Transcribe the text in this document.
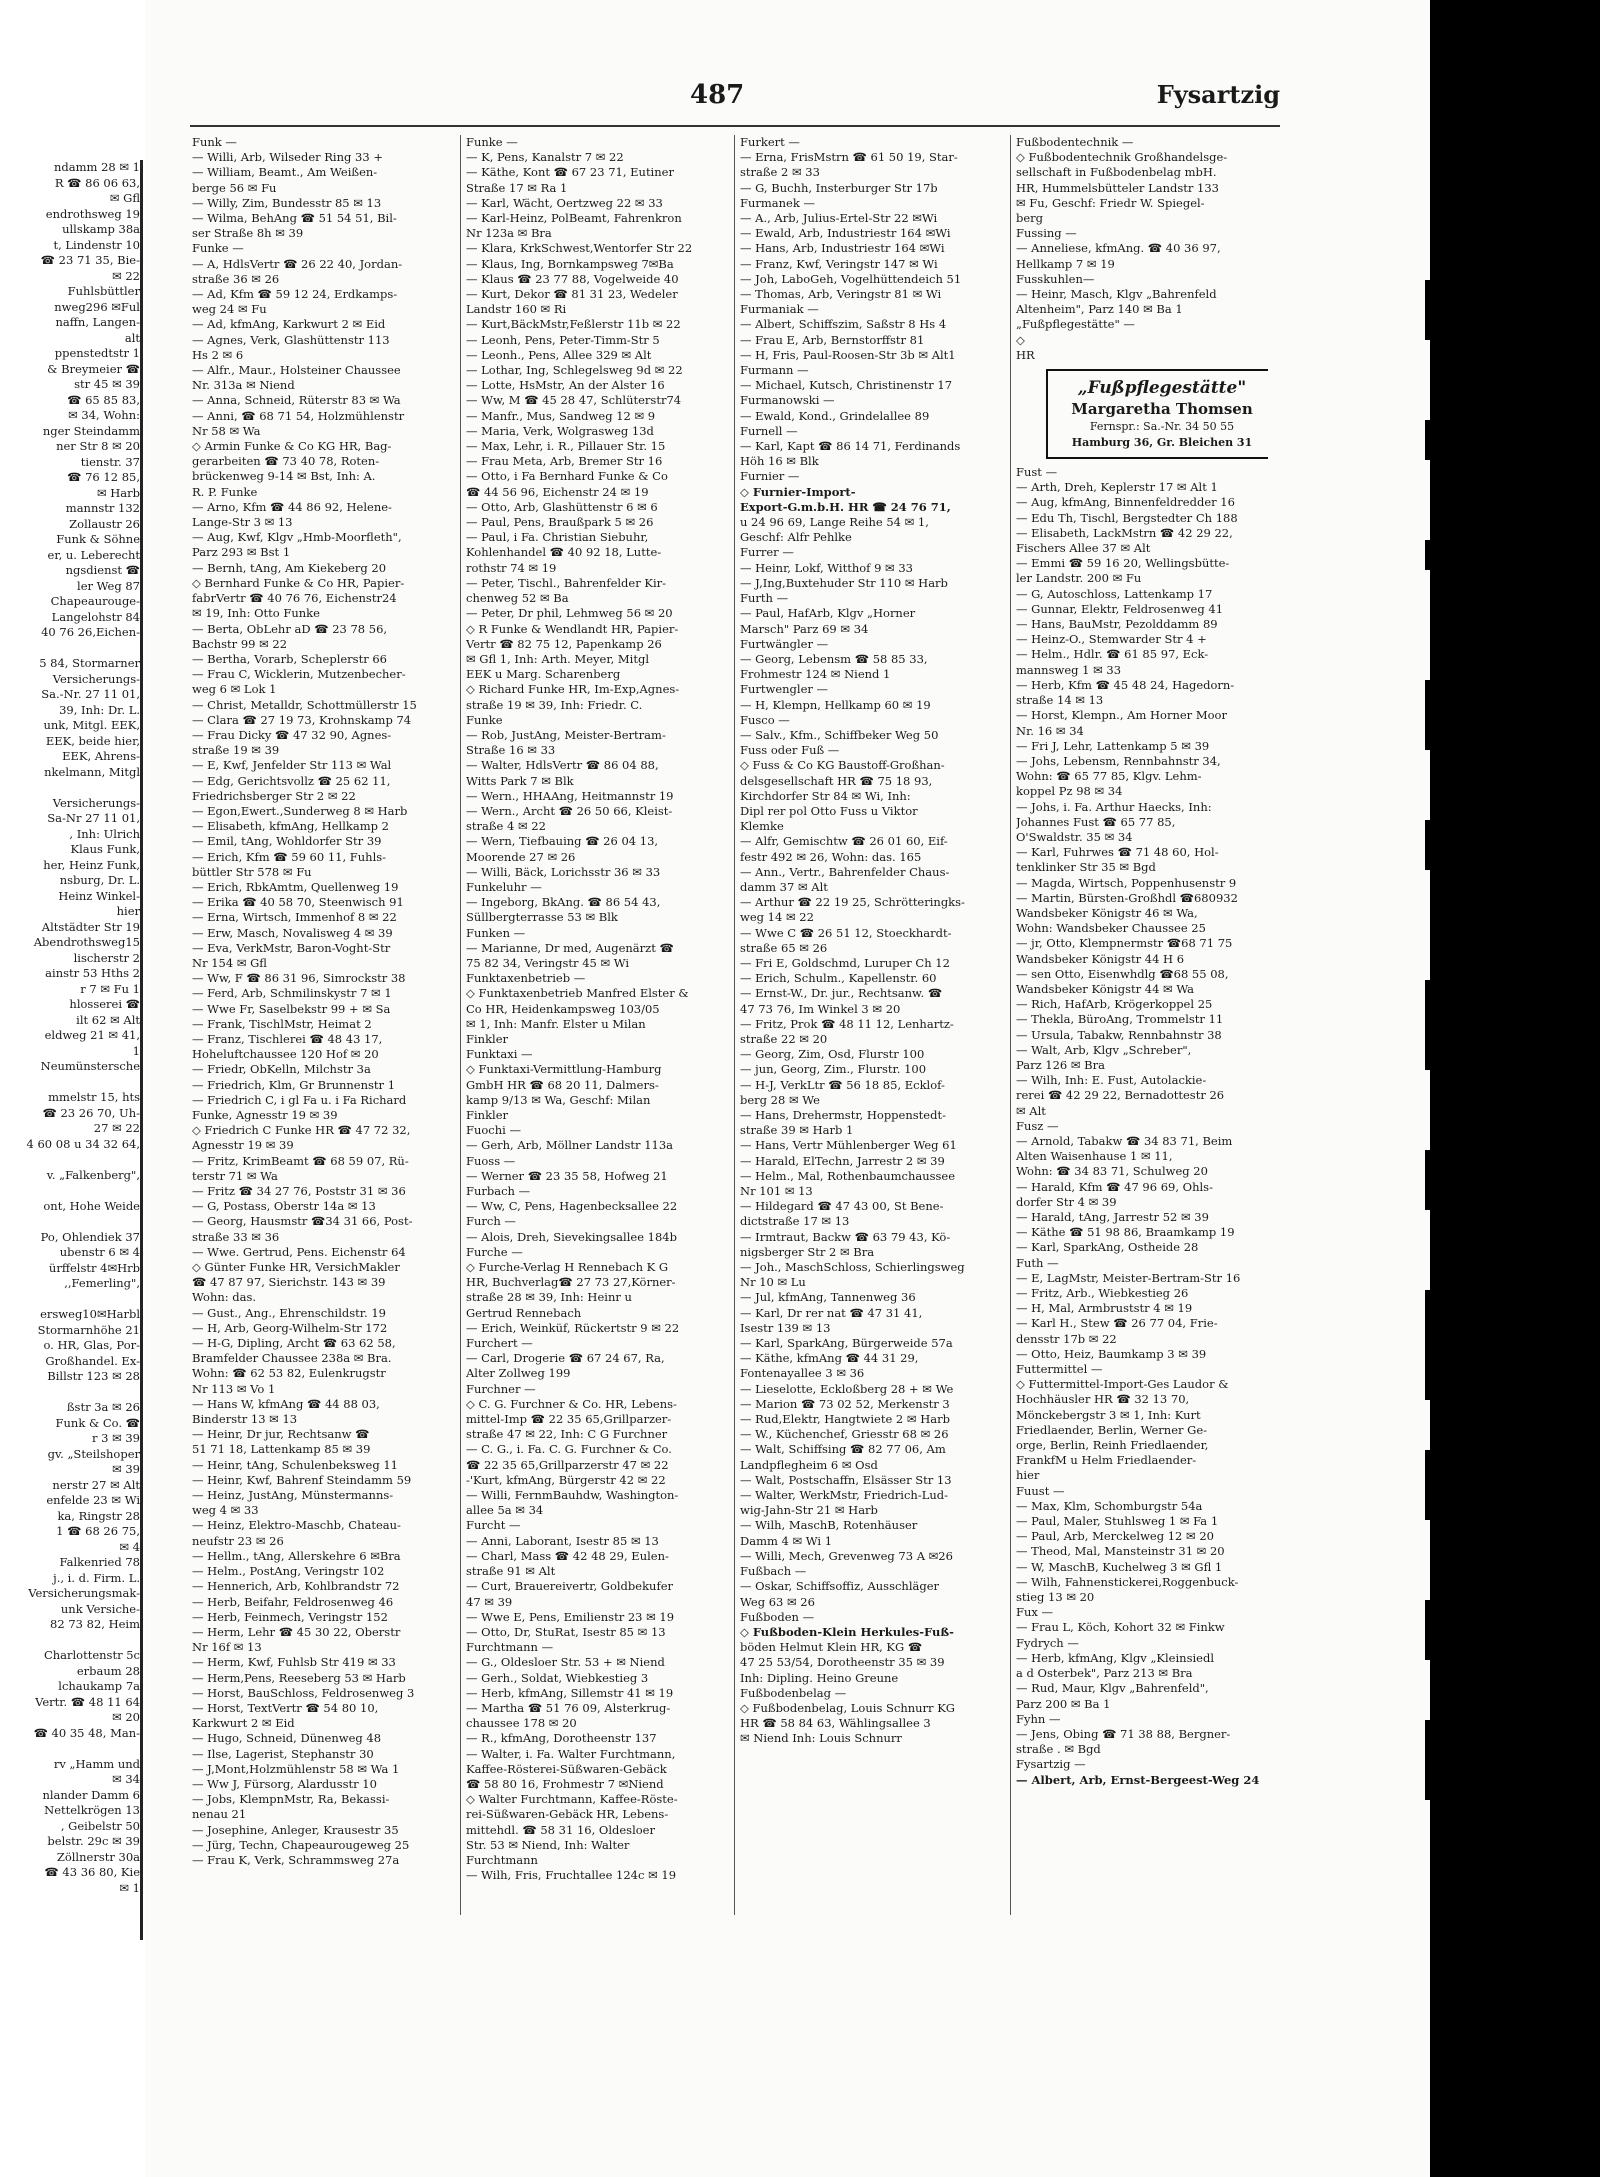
ndamm 28 ✉ 1
R ☎ 86 06 63,
✉ Gfl
endrothsweg 19
ullskamp 38a
t, Lindenstr 10
☎ 23 71 35, Bie-
✉ 22
Fuhlsbüttler
nweg296 ✉Ful
naffn, Langen-
alt
ppenstedtstr 1
& Breymeier ☎
str 45 ✉ 39
☎ 65 85 83,
✉ 34, Wohn:
nger Steindamm
ner Str 8 ✉ 20
tienstr. 37
☎ 76 12 85,
✉ Harb
mannstr 132
Zollaustr 26
Funk & Söhne
er, u. Leberecht
ngsdienst ☎
ler Weg 87
Chapeaurouge-
Langelohstr 84
40 76 26,Eichen-

5 84, Stormarner
Versicherungs-
Sa.-Nr. 27 11 01,
39, Inh: Dr. L.
unk, Mitgl. EEK,
EEK, beide hier,
EEK, Ahrens-
nkelmann, Mitgl

Versicherungs-
Sa-Nr 27 11 01,
, Inh: Ulrich
Klaus Funk,
her, Heinz Funk,
nsburg, Dr. L.
Heinz Winkel-
hier
Altstädter Str 19
Abendrothsweg15
lischerstr 2
ainstr 53 Hths 2
r 7 ✉ Fu 1
hlosserei ☎
ilt 62 ✉ Alt
eldweg 21 ✉ 41,
1
Neumünstersche

mmelstr 15, hts
☎ 23 26 70, Uh-
27 ✉ 22
4 60 08 u 34 32 64,

v. „Falkenberg",

ont, Hohe Weide

Po, Ohlendiek 37
ubenstr 6 ✉ 4
ürffelstr 4✉Hrb
,,Femerling",

ersweg10✉Harbl
Stormarnhöhe 21
o. HR, Glas, Por-
Großhandel. Ex-
Billstr 123 ✉ 28

ßstr 3a ✉ 26
Funk & Co. ☎
r 3 ✉ 39
gv. „Steilshoper
✉ 39
nerstr 27 ✉ Alt
enfelde 23 ✉ Wi
ka, Ringstr 28
1 ☎ 68 26 75,
✉ 4
Falkenried 78
j., i. d. Firm. L.
Versicherungsmak-
unk Versiche-
82 73 82, Heim

Charlottenstr 5c
erbaum 28
lchaukamp 7a
Vertr. ☎ 48 11 64
✉ 20
☎ 40 35 48, Man-

rv „Hamm und
✉ 34
nlander Damm 6
Nettelkrögen 13
, Geibelstr 50
belstr. 29c ✉ 39
Zöllnerstr 30a
☎ 43 36 80, Kie
✉ 1
487	Fysartzig
Funk —
— Willi, Arb, Wilseder Ring 33 +
— William, Beamt., Am Weißen-
berge 56 ✉ Fu
— Willy, Zim, Bundesstr 85 ✉ 13
— Wilma, BehAng ☎ 51 54 51, Bil-
ser Straße 8h ✉ 39
Funke —
— A, HdlsVertr ☎ 26 22 40, Jordan-
straße 36 ✉ 26
— Ad, Kfm ☎ 59 12 24, Erdkamps-
weg 24 ✉ Fu
— Ad, kfmAng, Karkwurt 2 ✉ Eid
— Agnes, Verk, Glashüttenstr 113
Hs 2 ✉ 6
— Alfr., Maur., Holsteiner Chaussee
Nr. 313a ✉ Niend
— Anna, Schneid, Rüterstr 83 ✉ Wa
— Anni, ☎ 68 71 54, Holzmühlenstr
Nr 58 ✉ Wa
◇ Armin Funke & Co KG HR, Bag-
gerarbeiten ☎ 73 40 78, Roten-
brückenweg 9-14 ✉ Bst, Inh: A.
R. P. Funke
— Arno, Kfm ☎ 44 86 92, Helene-
Lange-Str 3 ✉ 13
— Aug, Kwf, Klgv „Hmb-Moorfleth",
Parz 293 ✉ Bst 1
— Bernh, tAng, Am Kiekeberg 20
◇ Bernhard Funke & Co HR, Papier-
fabrVertr ☎ 40 76 76, Eichenstr24
✉ 19, Inh: Otto Funke
— Berta, ObLehr aD ☎ 23 78 56,
Bachstr 99 ✉ 22
— Bertha, Vorarb, Scheplerstr 66
— Frau C, Wicklerin, Mutzenbecher-
weg 6 ✉ Lok 1
— Christ, Metalldr, Schottmüllerstr 15
— Clara ☎ 27 19 73, Krohnskamp 74
— Frau Dicky ☎ 47 32 90, Agnes-
straße 19 ✉ 39
— E, Kwf, Jenfelder Str 113 ✉ Wal
— Edg, Gerichtsvollz ☎ 25 62 11,
Friedrichsberger Str 2 ✉ 22
— Egon,Ewert.,Sunderweg 8 ✉ Harb
— Elisabeth, kfmAng, Hellkamp 2
— Emil, tAng, Wohldorfer Str 39
— Erich, Kfm ☎ 59 60 11, Fuhls-
büttler Str 578 ✉ Fu
— Erich, RbkAmtm, Quellenweg 19
— Erika ☎ 40 58 70, Steenwisch 91
— Erna, Wirtsch, Immenhof 8 ✉ 22
— Erw, Masch, Novalisweg 4 ✉ 39
— Eva, VerkMstr, Baron-Voght-Str
Nr 154 ✉ Gfl
— Ww, F ☎ 86 31 96, Simrockstr 38
— Ferd, Arb, Schmilinskystr 7 ✉ 1
— Wwe Fr, Saselbekstr 99 + ✉ Sa
— Frank, TischlMstr, Heimat 2
— Franz, Tischlerei ☎ 48 43 17,
Hoheluftchaussee 120 Hof ✉ 20
— Friedr, ObKelln, Milchstr 3a
— Friedrich, Klm, Gr Brunnenstr 1
— Friedrich C, i gl Fa u. i Fa Richard
Funke, Agnesstr 19 ✉ 39
◇ Friedrich C Funke HR ☎ 47 72 32,
Agnesstr 19 ✉ 39
— Fritz, KrimBeamt ☎ 68 59 07, Rü-
terstr 71 ✉ Wa
— Fritz ☎ 34 27 76, Poststr 31 ✉ 36
— G, Postass, Oberstr 14a ✉ 13
— Georg, Hausmstr ☎34 31 66, Post-
straße 33 ✉ 36
— Wwe. Gertrud, Pens. Eichenstr 64
◇ Günter Funke HR, VersichMakler
☎ 47 87 97, Sierichstr. 143 ✉ 39
Wohn: das.
— Gust., Ang., Ehrenschildstr. 19
— H, Arb, Georg-Wilhelm-Str 172
— H-G, Dipling, Archt ☎ 63 62 58,
Bramfelder Chaussee 238a ✉ Bra.
Wohn: ☎ 62 53 82, Eulenkrugstr
Nr 113 ✉ Vo 1
— Hans W, kfmAng ☎ 44 88 03,
Binderstr 13 ✉ 13
— Heinr, Dr jur, Rechtsanw ☎
51 71 18, Lattenkamp 85 ✉ 39
— Heinr, tAng, Schulenbeksweg 11
— Heinr, Kwf, Bahrenf Steindamm 59
— Heinz, JustAng, Münstermanns-
weg 4 ✉ 33
— Heinz, Elektro-Maschb, Chateau-
neufstr 23 ✉ 26
— Hellm., tAng, Allerskehre 6 ✉Bra
— Helm., PostAng, Veringstr 102
— Hennerich, Arb, Kohlbrandstr 72
— Herb, Beifahr, Feldrosenweg 46
— Herb, Feinmech, Veringstr 152
— Herm, Lehr ☎ 45 30 22, Oberstr
Nr 16f ✉ 13
— Herm, Kwf, Fuhlsb Str 419 ✉ 33
— Herm,Pens, Reeseberg 53 ✉ Harb
— Horst, BauSchloss, Feldrosenweg 3
— Horst, TextVertr ☎ 54 80 10,
Karkwurt 2 ✉ Eid
— Hugo, Schneid, Dünenweg 48
— Ilse, Lagerist, Stephanstr 30
— J,Mont,Holzmühlenstr 58 ✉ Wa 1
— Ww J, Fürsorg, Alardusstr 10
— Jobs, KlempnMstr, Ra, Bekassi-
nenau 21
— Josephine, Anleger, Krausestr 35
— Jürg, Techn, Chapeaurougeweg 25
— Frau K, Verk, Schrammsweg 27a
Funke —
— K, Pens, Kanalstr 7 ✉ 22
— Käthe, Kont ☎ 67 23 71, Eutiner
Straße 17 ✉ Ra 1
— Karl, Wächt, Oertzweg 22 ✉ 33
— Karl-Heinz, PolBeamt, Fahrenkron
Nr 123a ✉ Bra
— Klara, KrkSchwest,Wentorfer Str 22
— Klaus, Ing, Bornkampsweg 7✉Ba
— Klaus ☎ 23 77 88, Vogelweide 40
— Kurt, Dekor ☎ 81 31 23, Wedeler
Landstr 160 ✉ Ri
— Kurt,BäckMstr,Feßlerstr 11b ✉ 22
— Leonh, Pens, Peter-Timm-Str 5
— Leonh., Pens, Allee 329 ✉ Alt
— Lothar, Ing, Schlegelsweg 9d ✉ 22
— Lotte, HsMstr, An der Alster 16
— Ww, M ☎ 45 28 47, Schlüterstr74
— Manfr., Mus, Sandweg 12 ✉ 9
— Maria, Verk, Wolgrasweg 13d
— Max, Lehr, i. R., Pillauer Str. 15
— Frau Meta, Arb, Bremer Str 16
— Otto, i Fa Bernhard Funke & Co
☎ 44 56 96, Eichenstr 24 ✉ 19
— Otto, Arb, Glashüttenstr 6 ✉ 6
— Paul, Pens, Braußpark 5 ✉ 26
— Paul, i Fa. Christian Siebuhr,
Kohlenhandel ☎ 40 92 18, Lutte-
rothstr 74 ✉ 19
— Peter, Tischl., Bahrenfelder Kir-
chenweg 52 ✉ Ba
— Peter, Dr phil, Lehmweg 56 ✉ 20
◇ R Funke & Wendlandt HR, Papier-
Vertr ☎ 82 75 12, Papenkamp 26
✉ Gfl 1, Inh: Arth. Meyer, Mitgl
EEK u Marg. Scharenberg
◇ Richard Funke HR, Im-Exp,Agnes-
straße 19 ✉ 39, Inh: Friedr. C.
Funke
— Rob, JustAng, Meister-Bertram-
Straße 16 ✉ 33
— Walter, HdlsVertr ☎ 86 04 88,
Witts Park 7 ✉ Blk
— Wern., HHAAng, Heitmannstr 19
— Wern., Archt ☎ 26 50 66, Kleist-
straße 4 ✉ 22
— Wern, Tiefbauing ☎ 26 04 13,
Moorende 27 ✉ 26
— Willi, Bäck, Lorichsstr 36 ✉ 33
Funkeluhr —
— Ingeborg, BkAng. ☎ 86 54 43,
Süllbergterrasse 53 ✉ Blk
Funken —
— Marianne, Dr med, Augenärzt ☎
75 82 34, Veringstr 45 ✉ Wi
Funktaxenbetrieb —
◇ Funktaxenbetrieb Manfred Elster &
Co HR, Heidenkampsweg 103/05
✉ 1, Inh: Manfr. Elster u Milan
Finkler
Funktaxi —
◇ Funktaxi-Vermittlung-Hamburg
GmbH HR ☎ 68 20 11, Dalmers-
kamp 9/13 ✉ Wa, Geschf: Milan
Finkler
Fuochi —
— Gerh, Arb, Möllner Landstr 113a
Fuoss —
— Werner ☎ 23 35 58, Hofweg 21
Furbach —
— Ww, C, Pens, Hagenbecksallee 22
Furch —
— Alois, Dreh, Sievekingsallee 184b
Furche —
◇ Furche-Verlag H Rennebach K G
HR, Buchverlag☎ 27 73 27,Körner-
straße 28 ✉ 39, Inh: Heinr u
Gertrud Rennebach
— Erich, Weinküf, Rückertstr 9 ✉ 22
Furchert —
— Carl, Drogerie ☎ 67 24 67, Ra,
Alter Zollweg 199
Furchner —
◇ C. G. Furchner & Co. HR, Lebens-
mittel-Imp ☎ 22 35 65,Grillparzer-
straße 47 ✉ 22, Inh: C G Furchner
— C. G., i. Fa. C. G. Furchner & Co.
☎ 22 35 65,Grillparzerstr 47 ✉ 22
-'Kurt, kfmAng, Bürgerstr 42 ✉ 22
— Willi, FernmBauhdw, Washington-
allee 5a ✉ 34
Furcht —
— Anni, Laborant, Isestr 85 ✉ 13
— Charl, Mass ☎ 42 48 29, Eulen-
straße 91 ✉ Alt
— Curt, Brauereivertr, Goldbekufer
47 ✉ 39
— Wwe E, Pens, Emilienstr 23 ✉ 19
— Otto, Dr, StuRat, Isestr 85 ✉ 13
Furchtmann —
— G., Oldesloer Str. 53 + ✉ Niend
— Gerh., Soldat, Wiebkestieg 3
— Herb, kfmAng, Sillemstr 41 ✉ 19
— Martha ☎ 51 76 09, Alsterkrug-
chaussee 178 ✉ 20
— R., kfmAng, Dorotheenstr 137
— Walter, i. Fa. Walter Furchtmann,
Kaffee-Rösterei-Süßwaren-Gebäck
☎ 58 80 16, Frohmestr 7 ✉Niend
◇ Walter Furchtmann, Kaffee-Röste-
rei-Süßwaren-Gebäck HR, Lebens-
mittehdl. ☎ 58 31 16, Oldesloer
Str. 53 ✉ Niend, Inh: Walter
Furchtmann
— Wilh, Fris, Fruchtallee 124c ✉ 19
Furkert —
— Erna, FrisMstrn ☎ 61 50 19, Star-
straße 2 ✉ 33
— G, Buchh, Insterburger Str 17b
Furmanek —
— A., Arb, Julius-Ertel-Str 22 ✉Wi
— Ewald, Arb, Industriestr 164 ✉Wi
— Hans, Arb, Industriestr 164 ✉Wi
— Franz, Kwf, Veringstr 147 ✉ Wi
— Joh, LaboGeh, Vogelhüttendeich 51
— Thomas, Arb, Veringstr 81 ✉ Wi
Furmaniak —
— Albert, Schiffszim, Saßstr 8 Hs 4
— Frau E, Arb, Bernstorffstr 81
— H, Fris, Paul-Roosen-Str 3b ✉ Alt1
Furmann —
— Michael, Kutsch, Christinenstr 17
Furmanowski —
— Ewald, Kond., Grindelallee 89
Furnell —
— Karl, Kapt ☎ 86 14 71, Ferdinands
Höh 16 ✉ Blk
Furnier —
◇ Furnier-Import-
Export-G.m.b.H. HR ☎ 24 76 71,
u 24 96 69, Lange Reihe 54 ✉ 1,
Geschf: Alfr Pehlke
Furrer —
— Heinr, Lokf, Witthof 9 ✉ 33
— J,Ing,Buxtehuder Str 110 ✉ Harb
Furth —
— Paul, HafArb, Klgv „Horner
Marsch" Parz 69 ✉ 34
Furtwängler —
— Georg, Lebensm ☎ 58 85 33,
Frohmestr 124 ✉ Niend 1
Furtwengler —
— H, Klempn, Hellkamp 60 ✉ 19
Fusco —
— Salv., Kfm., Schiffbeker Weg 50
Fuss oder Fuß —
◇ Fuss & Co KG Baustoff-Großhan-
delsgesellschaft HR ☎ 75 18 93,
Kirchdorfer Str 84 ✉ Wi, Inh:
Dipl rer pol Otto Fuss u Viktor
Klemke
— Alfr, Gemischtw ☎ 26 01 60, Eif-
festr 492 ✉ 26, Wohn: das. 165
— Ann., Vertr., Bahrenfelder Chaus-
damm 37 ✉ Alt
— Arthur ☎ 22 19 25, Schrötteringks-
weg 14 ✉ 22
— Wwe C ☎ 26 51 12, Stoeckhardt-
straße 65 ✉ 26
— Fri E, Goldschmd, Luruper Ch 12
— Erich, Schulm., Kapellenstr. 60
— Ernst-W., Dr. jur., Rechtsanw. ☎
47 73 76, Im Winkel 3 ✉ 20
— Fritz, Prok ☎ 48 11 12, Lenhartz-
straße 22 ✉ 20
— Georg, Zim, Osd, Flurstr 100
— jun, Georg, Zim., Flurstr. 100
— H-J, VerkLtr ☎ 56 18 85, Ecklof-
berg 28 ✉ We
— Hans, Drehermstr, Hoppenstedt-
straße 39 ✉ Harb 1
— Hans, Vertr Mühlenberger Weg 61
— Harald, ElTechn, Jarrestr 2 ✉ 39
— Helm., Mal, Rothenbaumchaussee
Nr 101 ✉ 13
— Hildegard ☎ 47 43 00, St Bene-
dictstraße 17 ✉ 13
— Irmtraut, Backw ☎ 63 79 43, Kö-
nigsberger Str 2 ✉ Bra
— Joh., MaschSchloss, Schierlingsweg
Nr 10 ✉ Lu
— Jul, kfmAng, Tannenweg 36
— Karl, Dr rer nat ☎ 47 31 41,
Isestr 139 ✉ 13
— Karl, SparkAng, Bürgerweide 57a
— Käthe, kfmAng ☎ 44 31 29,
Fontenayallee 3 ✉ 36
— Lieselotte, Eckloßberg 28 + ✉ We
— Marion ☎ 73 02 52, Merkenstr 3
— Rud,Elektr, Hangtwiete 2 ✉ Harb
— W., Küchenchef, Griesstr 68 ✉ 26
— Walt, Schiffsing ☎ 82 77 06, Am
Landpflegheim 6 ✉ Osd
— Walt, Postschaffn, Elsässer Str 13
— Walter, WerkMstr, Friedrich-Lud-
wig-Jahn-Str 21 ✉ Harb
— Wilh, MaschB, Rotenhäuser
Damm 4 ✉ Wi 1
— Willi, Mech, Grevenweg 73 A ✉26
Fußbach —
— Oskar, Schiffsoffiz, Ausschläger
Weg 63 ✉ 26
Fußboden —
◇ Fußboden-Klein Herkules-Fuß-
böden Helmut Klein HR, KG ☎
47 25 53/54, Dorotheenstr 35 ✉ 39
Inh: Dipling. Heino Greune
Fußbodenbelag —
◇ Fußbodenbelag, Louis Schnurr KG
HR ☎ 58 84 63, Wählingsallee 3
✉ Niend Inh: Louis Schnurr
Fußbodentechnik —
◇ Fußbodentechnik Großhandelsge-
sellschaft in Fußbodenbelag mbH.
HR, Hummelsbütteler Landstr 133
✉ Fu, Geschf: Friedr W. Spiegel-
berg
Fussing —
— Anneliese, kfmAng. ☎ 40 36 97,
Hellkamp 7 ✉ 19
Fusskuhlen—
— Heinr, Masch, Klgv „Bahrenfeld
Altenheim", Parz 140 ✉ Ba 1
„Fußpflegestätte" —
◇
HR
„Fußpflegestätte"
Margaretha Thomsen
Fernspr.: Sa.-Nr. 34 50 55
Hamburg 36, Gr. Bleichen 31
Fust —
— Arth, Dreh, Keplerstr 17 ✉ Alt 1
— Aug, kfmAng, Binnenfeldredder 16
— Edu Th, Tischl, Bergstedter Ch 188
— Elisabeth, LackMstrn ☎ 42 29 22,
Fischers Allee 37 ✉ Alt
— Emmi ☎ 59 16 20, Wellingsbütte-
ler Landstr. 200 ✉ Fu
— G, Autoschloss, Lattenkamp 17
— Gunnar, Elektr, Feldrosenweg 41
— Hans, BauMstr, Pezolddamm 89
— Heinz-O., Stemwarder Str 4 +
— Helm., Hdlr. ☎ 61 85 97, Eck-
mannsweg 1 ✉ 33
— Herb, Kfm ☎ 45 48 24, Hagedorn-
straße 14 ✉ 13
— Horst, Klempn., Am Horner Moor
Nr. 16 ✉ 34
— Fri J, Lehr, Lattenkamp 5 ✉ 39
— Johs, Lebensm, Rennbahnstr 34,
Wohn: ☎ 65 77 85, Klgv. Lehm-
koppel Pz 98 ✉ 34
— Johs, i. Fa. Arthur Haecks, Inh:
Johannes Fust ☎ 65 77 85,
O'Swaldstr. 35 ✉ 34
— Karl, Fuhrwes ☎ 71 48 60, Hol-
tenklinker Str 35 ✉ Bgd
— Magda, Wirtsch, Poppenhusenstr 9
— Martin, Bürsten-Großhdl ☎680932
Wandsbeker Königstr 46 ✉ Wa,
Wohn: Wandsbeker Chaussee 25
— jr, Otto, Klempnermstr ☎68 71 75
Wandsbeker Königstr 44 H 6
— sen Otto, Eisenwhdlg ☎68 55 08,
Wandsbeker Königstr 44 ✉ Wa
— Rich, HafArb, Krögerkoppel 25
— Thekla, BüroAng, Trommelstr 11
— Ursula, Tabakw, Rennbahnstr 38
— Walt, Arb, Klgv „Schreber",
Parz 126 ✉ Bra
— Wilh, Inh: E. Fust, Autolackie-
rerei ☎ 42 29 22, Bernadottestr 26
✉ Alt
Fusz —
— Arnold, Tabakw ☎ 34 83 71, Beim
Alten Waisenhause 1 ✉ 11,
Wohn: ☎ 34 83 71, Schulweg 20
— Harald, Kfm ☎ 47 96 69, Ohls-
dorfer Str 4 ✉ 39
— Harald, tAng, Jarrestr 52 ✉ 39
— Käthe ☎ 51 98 86, Braamkamp 19
— Karl, SparkAng, Ostheide 28
Futh —
— E, LagMstr, Meister-Bertram-Str 16
— Fritz, Arb., Wiebkestieg 26
— H, Mal, Armbruststr 4 ✉ 19
— Karl H., Stew ☎ 26 77 04, Frie-
densstr 17b ✉ 22
— Otto, Heiz, Baumkamp 3 ✉ 39
Futtermittel —
◇ Futtermittel-Import-Ges Laudor &
Hochhäusler HR ☎ 32 13 70,
Mönckebergstr 3 ✉ 1, Inh: Kurt
Friedlaender, Berlin, Werner Ge-
orge, Berlin, Reinh Friedlaender,
FrankfM u Helm Friedlaender-
hier
Fuust —
— Max, Klm, Schomburgstr 54a
— Paul, Maler, Stuhlsweg 1 ✉ Fa 1
— Paul, Arb, Merckelweg 12 ✉ 20
— Theod, Mal, Mansteinstr 31 ✉ 20
— W, MaschB, Kuchelweg 3 ✉ Gfl 1
— Wilh, Fahnenstickerei,Roggenbuck-
stieg 13 ✉ 20
Fux —
— Frau L, Köch, Kohort 32 ✉ Finkw
Fydrych —
— Herb, kfmAng, Klgv „Kleinsiedl
a d Osterbek", Parz 213 ✉ Bra
— Rud, Maur, Klgv „Bahrenfeld",
Parz 200 ✉ Ba 1
Fyhn —
— Jens, Obing ☎ 71 38 88, Bergner-
straße . ✉ Bgd
Fysartzig —
— Albert, Arb, Ernst-Bergeest-Weg 24
